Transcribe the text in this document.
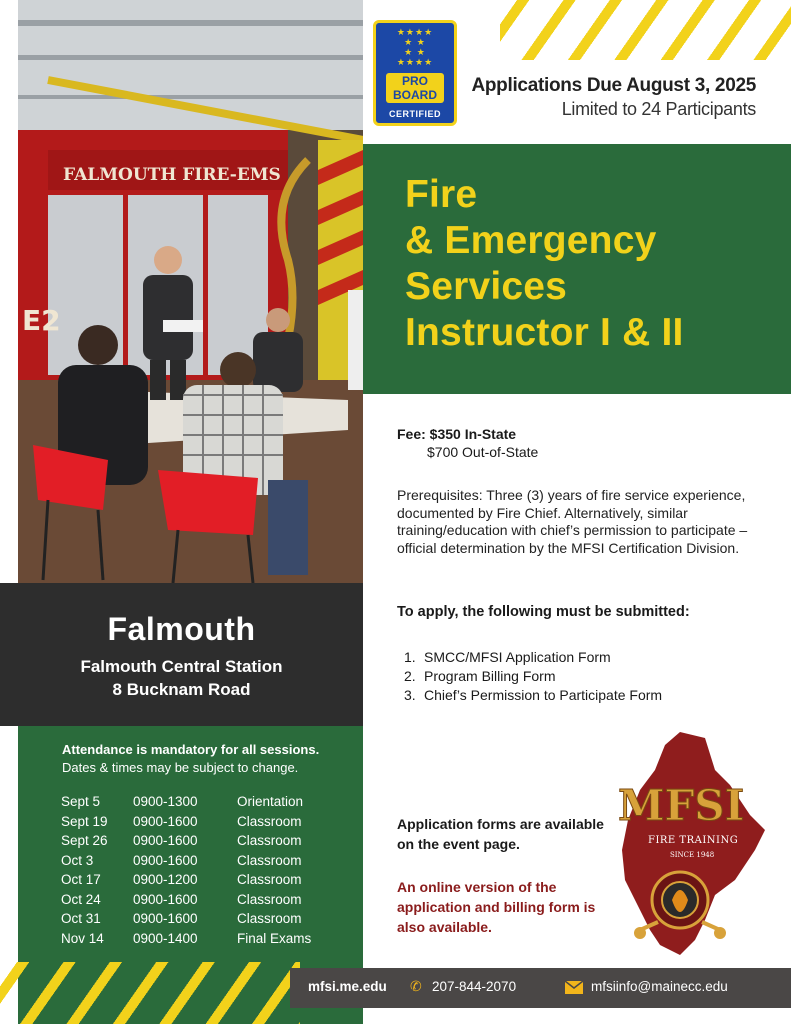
FALMOUTH FIRE-EMS
E2
★★★★
★ ★
★ ★
★★★★
PRO
BOARD
CERTIFIED
Applications Due August 3, 2025
Limited to 24 Participants
Fire
& Emergency
Services
Instructor I & II
Fee: $350 In-State
$700 Out-of-State
Prerequisites: Three (3) years of fire service experience, documented by Fire Chief. Alternatively, similar training/education with chief’s permission to participate – official determination by the MFSI Certification Division.
To apply, the following must be submitted:
1. SMCC/MFSI Application Form
2. Program Billing Form
3. Chief’s Permission to Participate Form
Application forms are available on the event page.
An online version of the application and billing form is also available.
MFSI
FIRE TRAINING
SINCE 1948
Falmouth
Falmouth Central Station
8 Bucknam Road
Attendance is mandatory for all sessions.
Dates & times may be subject to change.
Sept 5 0900-1300	Orientation
Sept 19 0900-1600	Classroom
Sept 26 0900-1600	Classroom
Oct 3	0900-1600	Classroom
Oct 17 0900-1200	Classroom
Oct 24 0900-1600	Classroom
Oct 31 0900-1600	Classroom
Nov 14 0900-1400	Final Exams
mfsi.me.edu ✆ 207-844-2070	mfsiinfo@mainecc.edu
